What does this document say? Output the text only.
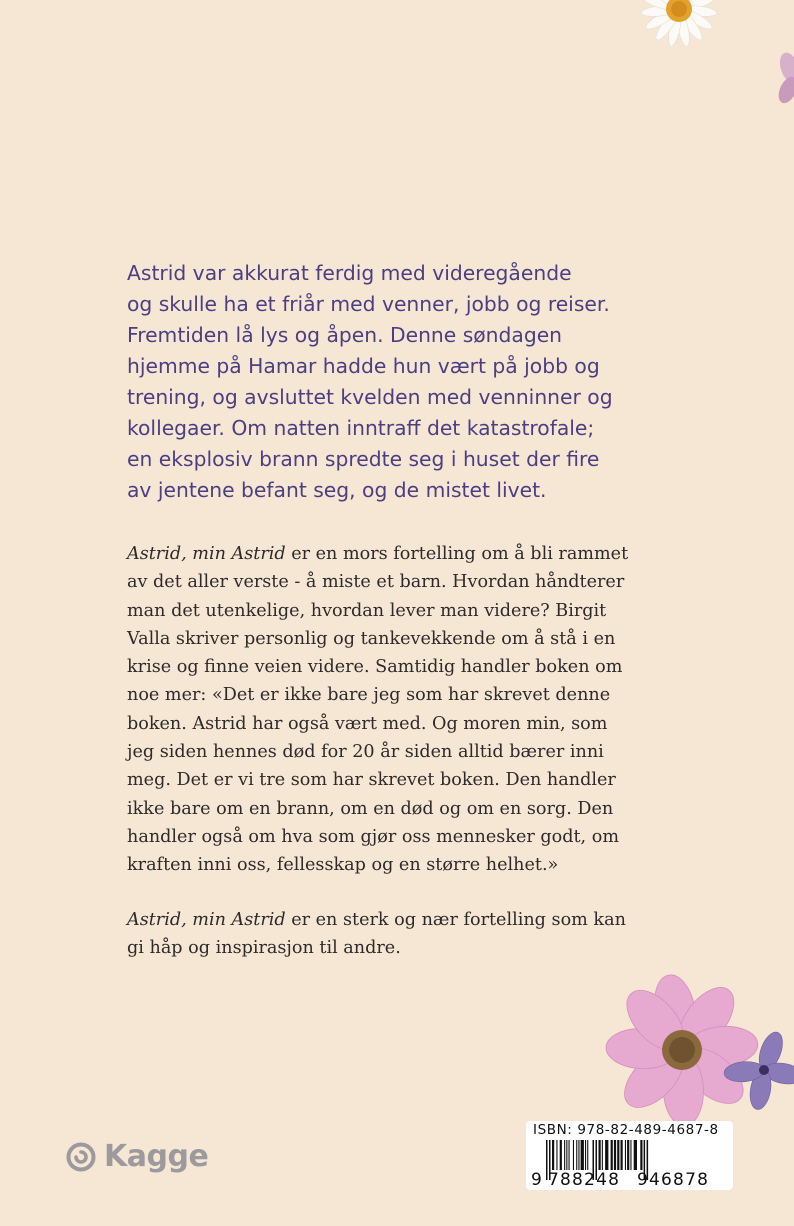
Astrid var akkurat ferdig med videregående
og skulle ha et friår med venner, jobb og reiser.
Fremtiden lå lys og åpen. Denne søndagen
hjemme på Hamar hadde hun vært på jobb og
trening, og avsluttet kvelden med venninner og
kollegaer. Om natten inntraff det katastrofale;
en eksplosiv brann spredte seg i huset der fire
av jentene befant seg, og de mistet livet.

Astrid, min Astrid er en mors fortelling om å bli rammet
av det aller verste - å miste et barn. Hvordan håndterer
man det utenkelige, hvordan lever man videre? Birgit
Valla skriver personlig og tankevekkende om å stå i en
krise og finne veien videre. Samtidig handler boken om
noe mer: «Det er ikke bare jeg som har skrevet denne
boken. Astrid har også vært med. Og moren min, som
jeg siden hennes død for 20 år siden alltid bærer inni
meg. Det er vi tre som har skrevet boken. Den handler
ikke bare om en brann, om en død og om en sorg. Den
handler også om hva som gjør oss mennesker godt, om
kraften inni oss, fellesskap og en større helhet.»

Astrid, min Astrid er en sterk og nær fortelling som kan
gi håp og inspirasjon til andre.

Kagge
ISBN: 978-82-489-4687-8
9 788248 946878
